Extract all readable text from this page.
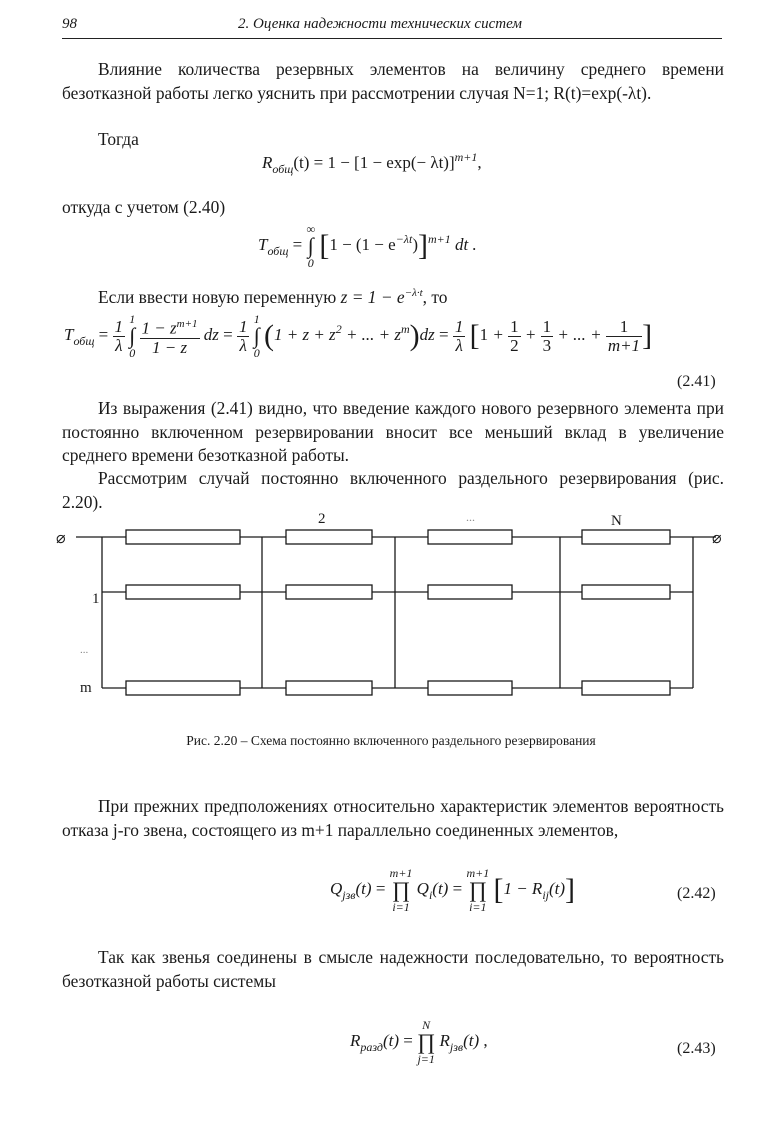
98	2. Оценка надежности технических систем

Влияние количества резервных элементов на величину среднего времени безотказной работы легко уяснить при рассмотрении случая N=1; R(t)=exp(-λt).

Тогда

$R_{общ}(t) = 1 - [1 - \exp(- \lambda t)]^{m+1}$,

откуда с учетом (2.40)

$T_{общ}$ =
∞
∫
0
$[1 - (1 - e^{-\lambda t})]^{m+1}$ dt .

Если ввести новую переменную $z = 1 - e^{-\lambda\cdot t}$, то

$T_{общ} = \frac{1}{\lambda}$
1
∫
0
$\frac{1 - z^{m+1}}{1 - z}$ dz = $\frac{1}{\lambda}$
1
∫
0
($1 + z + z^2$ + ... + $z^m)dz = \frac{1}{\lambda} [1 + \frac{1}{2} + \frac{1}{3}$ + ... + $\frac{1}{m+1}$ ]
(2.41)

Из выражения (2.41) видно, что введение каждого нового резервного элемента при постоянно включенном резервировании вносит все меньший вклад в увеличение среднего времени безотказной работы.

Рассмотрим случай постоянно включенного раздельного резервирования (рис. 2.20).

⌀	⌀
2	...	N
1
...
m
Рис. 2.20 – Схема постоянно включенного раздельного резервирования

При прежних предположениях относительно характеристик элементов вероятность отказа j-го звена, состоящего из m+1 параллельно соединенных элементов,

$Q_{jзв}(t)$ =
m+1
∏
i=1
$Q_i(t)$ =
m+1
∏
i=1
$[1 - R_{ij}(t)]$	(2.42)

Так как звенья соединены в смысле надежности последовательно, то вероятность безотказной работы системы

$R_{разд}(t)$ =
N
∏
j=1
$R_{jзв}(t)$ ,	(2.43)
